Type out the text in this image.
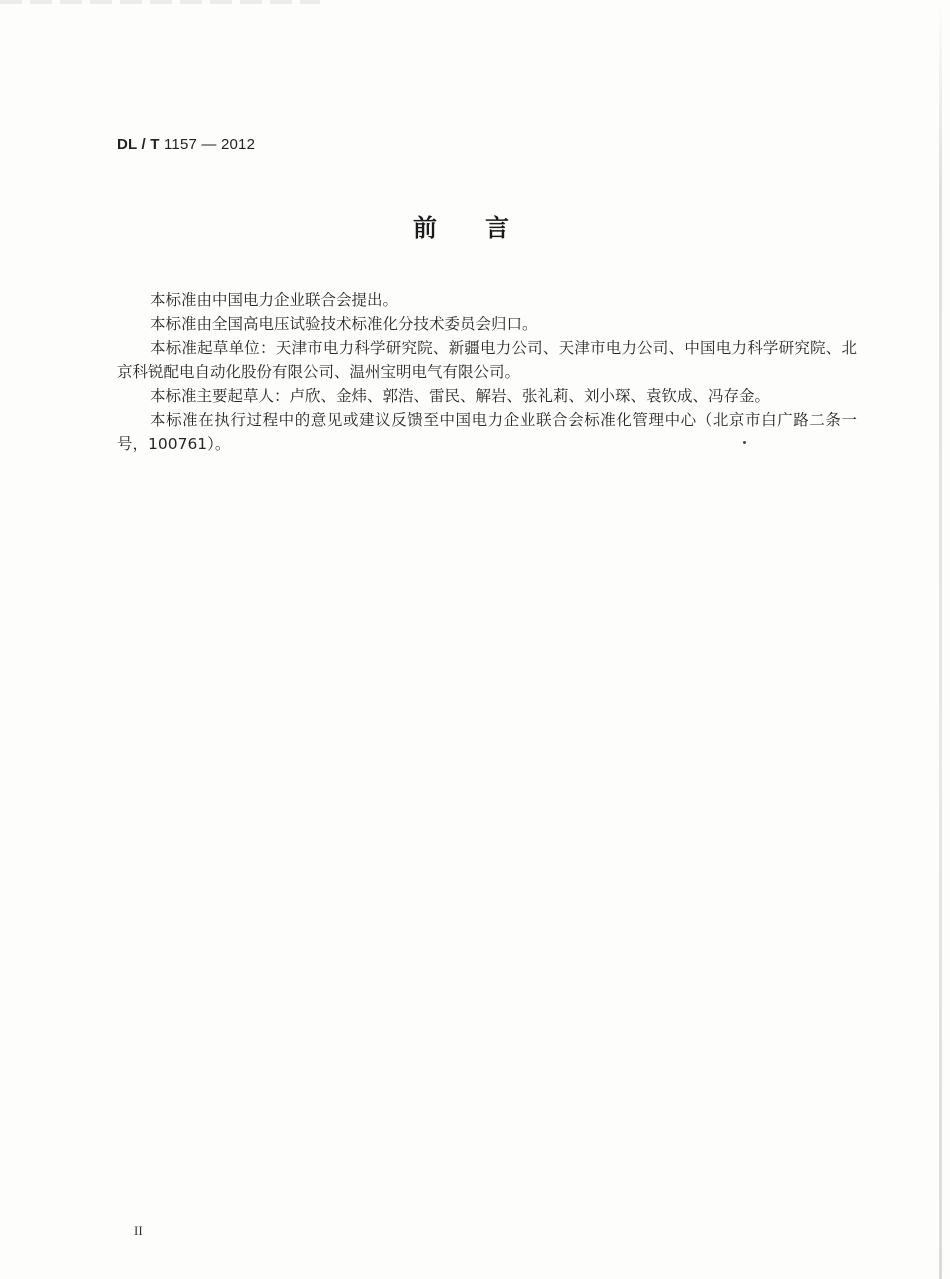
DL / T 1157 — 2012
前言

本标准由中国电力企业联合会提出。

本标准由全国高电压试验技术标准化分技术委员会归口。

本标准起草单位：天津市电力科学研究院、新疆电力公司、天津市电力公司、中国电力科学研究院、北京科锐配电自动化股份有限公司、温州宝明电气有限公司。

本标准主要起草人：卢欣、金炜、郭浩、雷民、解岩、张礼莉、刘小琛、袁钦成、冯存金。

本标准在执行过程中的意见或建议反馈至中国电力企业联合会标准化管理中心（北京市白广路二条一号，100761）。

II
